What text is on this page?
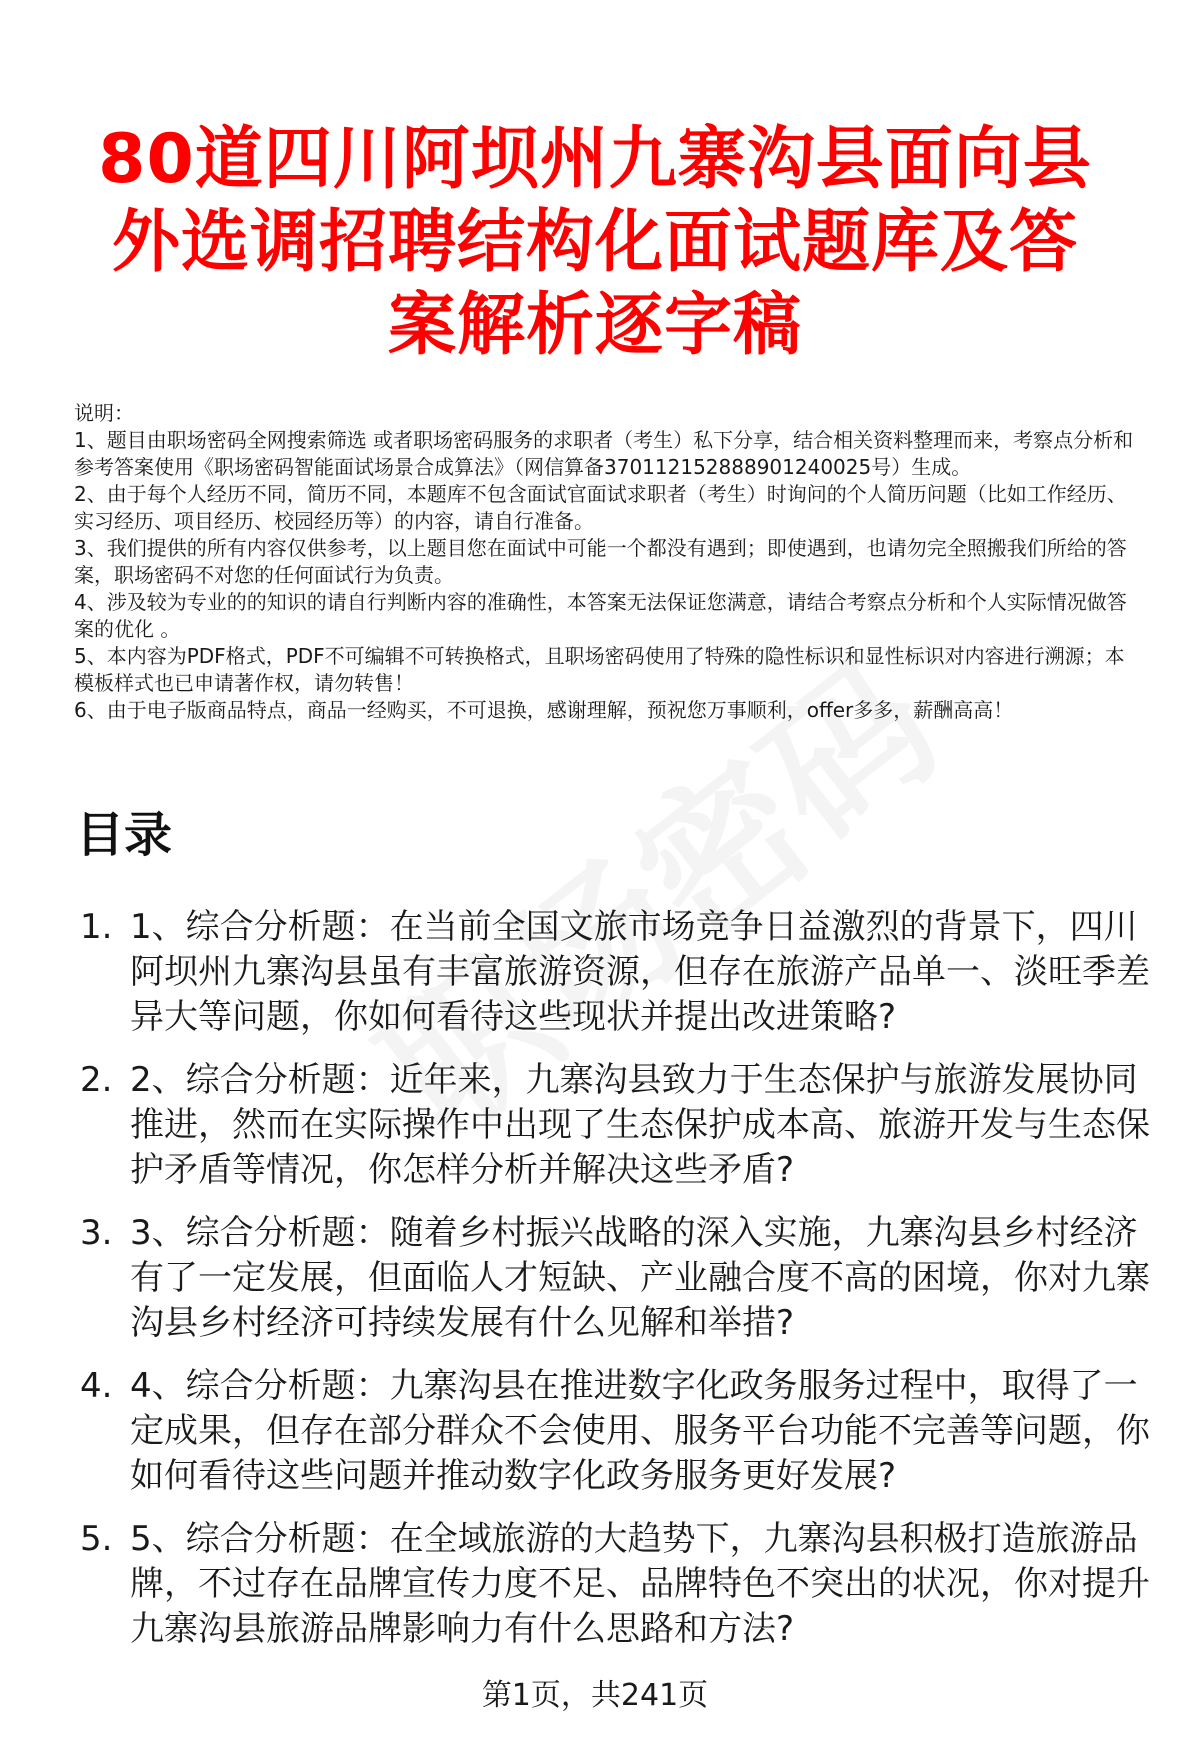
80道四川阿坝州九寨沟县面向县外选调招聘结构化面试题库及答案解析逐字稿
说明：
1、题目由职场密码全网搜索筛选 或者职场密码服务的求职者（考生）私下分享，结合相关资料整理而来，考察点分析和参考答案使用《职场密码智能面试场景合成算法》（网信算备370112152888901240025号）生成。
2、由于每个人经历不同，简历不同，本题库不包含面试官面试求职者（考生）时询问的个人简历问题（比如工作经历、实习经历、项目经历、校园经历等）的内容，请自行准备。
3、我们提供的所有内容仅供参考，以上题目您在面试中可能一个都没有遇到；即使遇到，也请勿完全照搬我们所给的答案，职场密码不对您的任何面试行为负责。
4、涉及较为专业的的知识的请自行判断内容的准确性，本答案无法保证您满意，请结合考察点分析和个人实际情况做答案的优化 。
5、本内容为PDF格式，PDF不可编辑不可转换格式，且职场密码使用了特殊的隐性标识和显性标识对内容进行溯源；本模板样式也已申请著作权，请勿转售！
6、由于电子版商品特点，商品一经购买，不可退换，感谢理解，预祝您万事顺利，offer多多，薪酬高高！
目录
1. 1、综合分析题：在当前全国文旅市场竞争日益激烈的背景下，四川阿坝州九寨沟县虽有丰富旅游资源，但存在旅游产品单一、淡旺季差异大等问题，你如何看待这些现状并提出改进策略?
2. 2、综合分析题：近年来，九寨沟县致力于生态保护与旅游发展协同推进，然而在实际操作中出现了生态保护成本高、旅游开发与生态保护矛盾等情况，你怎样分析并解决这些矛盾?
3. 3、综合分析题：随着乡村振兴战略的深入实施，九寨沟县乡村经济有了一定发展，但面临人才短缺、产业融合度不高的困境，你对九寨沟县乡村经济可持续发展有什么见解和举措?
4. 4、综合分析题：九寨沟县在推进数字化政务服务过程中，取得了一定成果，但存在部分群众不会使用、服务平台功能不完善等问题，你如何看待这些问题并推动数字化政务服务更好发展?
5. 5、综合分析题：在全域旅游的大趋势下，九寨沟县积极打造旅游品牌，不过存在品牌宣传力度不足、品牌特色不突出的状况，你对提升九寨沟县旅游品牌影响力有什么思路和方法?
第1页，共241页
